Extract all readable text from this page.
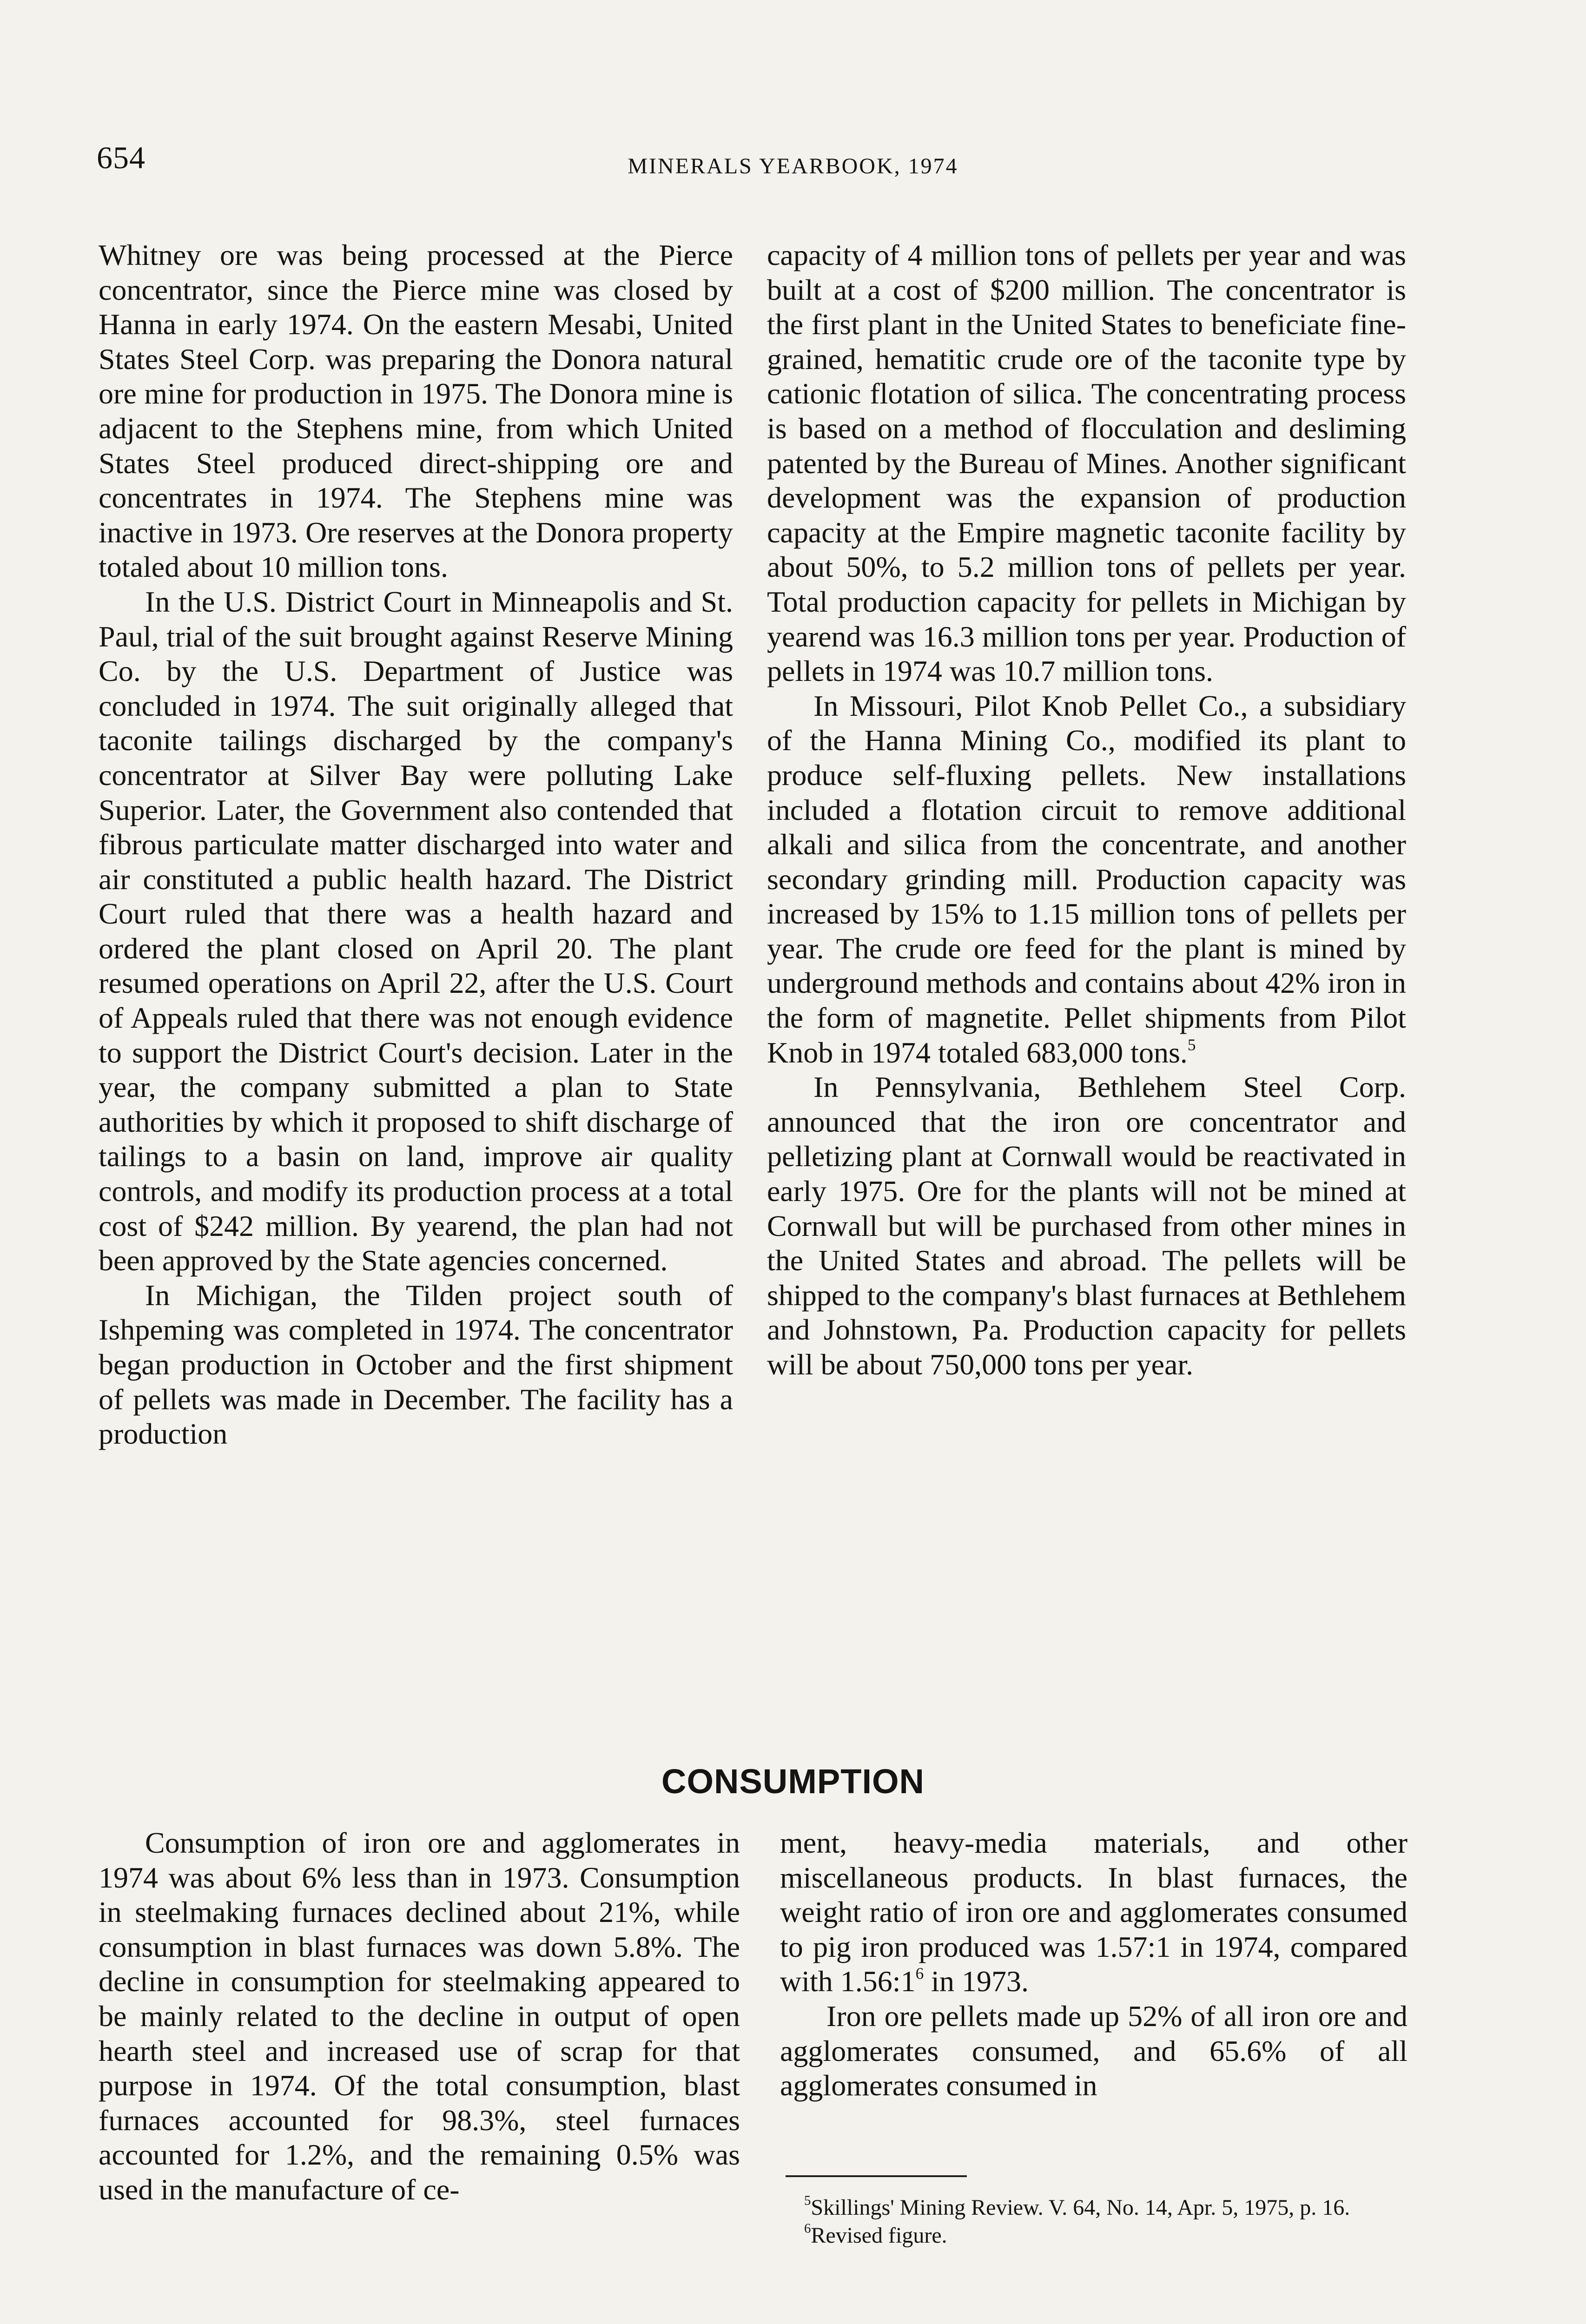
654	MINERALS YEARBOOK, 1974

Whitney ore was being processed at the Pierce concentrator, since the Pierce mine was closed by Hanna in early 1974. On the eastern Mesabi, United States Steel Corp. was preparing the Donora natural ore mine for production in 1975. The Donora mine is adjacent to the Stephens mine, from which United States Steel produced direct-shipping ore and concentrates in 1974. The Stephens mine was inactive in 1973. Ore reserves at the Donora property totaled about 10 million tons.

In the U.S. District Court in Minneapolis and St. Paul, trial of the suit brought against Reserve Mining Co. by the U.S. Department of Justice was concluded in 1974. The suit originally alleged that taconite tailings discharged by the company's concentrator at Silver Bay were polluting Lake Superior. Later, the Government also contended that fibrous particulate matter discharged into water and air constituted a public health hazard. The District Court ruled that there was a health hazard and ordered the plant closed on April 20. The plant resumed operations on April 22, after the U.S. Court of Appeals ruled that there was not enough evidence to support the District Court's decision. Later in the year, the company submitted a plan to State authorities by which it proposed to shift discharge of tailings to a basin on land, improve air quality controls, and modify its production process at a total cost of $242 million. By yearend, the plan had not been approved by the State agencies concerned.

In Michigan, the Tilden project south of Ishpeming was completed in 1974. The concentrator began production in October and the first shipment of pellets was made in December. The facility has a production

capacity of 4 million tons of pellets per year and was built at a cost of $200 million. The concentrator is the first plant in the United States to beneficiate fine-grained, hematitic crude ore of the taconite type by cationic flotation of silica. The concentrating process is based on a method of flocculation and desliming patented by the Bureau of Mines. Another significant development was the expansion of production capacity at the Empire magnetic taconite facility by about 50%, to 5.2 million tons of pellets per year. Total production capacity for pellets in Michigan by yearend was 16.3 million tons per year. Production of pellets in 1974 was 10.7 million tons.

In Missouri, Pilot Knob Pellet Co., a subsidiary of the Hanna Mining Co., modified its plant to produce self-fluxing pellets. New installations included a flotation circuit to remove additional alkali and silica from the concentrate, and another secondary grinding mill. Production capacity was increased by 15% to 1.15 million tons of pellets per year. The crude ore feed for the plant is mined by underground methods and contains about 42% iron in the form of magnetite. Pellet shipments from Pilot Knob in 1974 totaled 683,000 tons.$^5$

In Pennsylvania, Bethlehem Steel Corp. announced that the iron ore concentrator and pelletizing plant at Cornwall would be reactivated in early 1975. Ore for the plants will not be mined at Cornwall but will be purchased from other mines in the United States and abroad. The pellets will be shipped to the company's blast furnaces at Bethlehem and Johnstown, Pa. Production capacity for pellets will be about 750,000 tons per year.

CONSUMPTION

Consumption of iron ore and agglomerates in 1974 was about 6% less than in 1973. Consumption in steelmaking furnaces declined about 21%, while consumption in blast furnaces was down 5.8%. The decline in consumption for steelmaking appeared to be mainly related to the decline in output of open hearth steel and increased use of scrap for that purpose in 1974. Of the total consumption, blast furnaces accounted for 98.3%, steel furnaces accounted for 1.2%, and the remaining 0.5% was used in the manufacture of ce-

ment, heavy-media materials, and other miscellaneous products. In blast furnaces, the weight ratio of iron ore and agglomerates consumed to pig iron produced was 1.57:1 in 1974, compared with $1.56:1^6$ in 1973.

Iron ore pellets made up 52% of all iron ore and agglomerates consumed, and 65.6% of all agglomerates consumed in

$^5$Skillings' Mining Review. V. 64, No. 14, Apr. 5, 1975, p. 16.

$^6$Revised figure.
